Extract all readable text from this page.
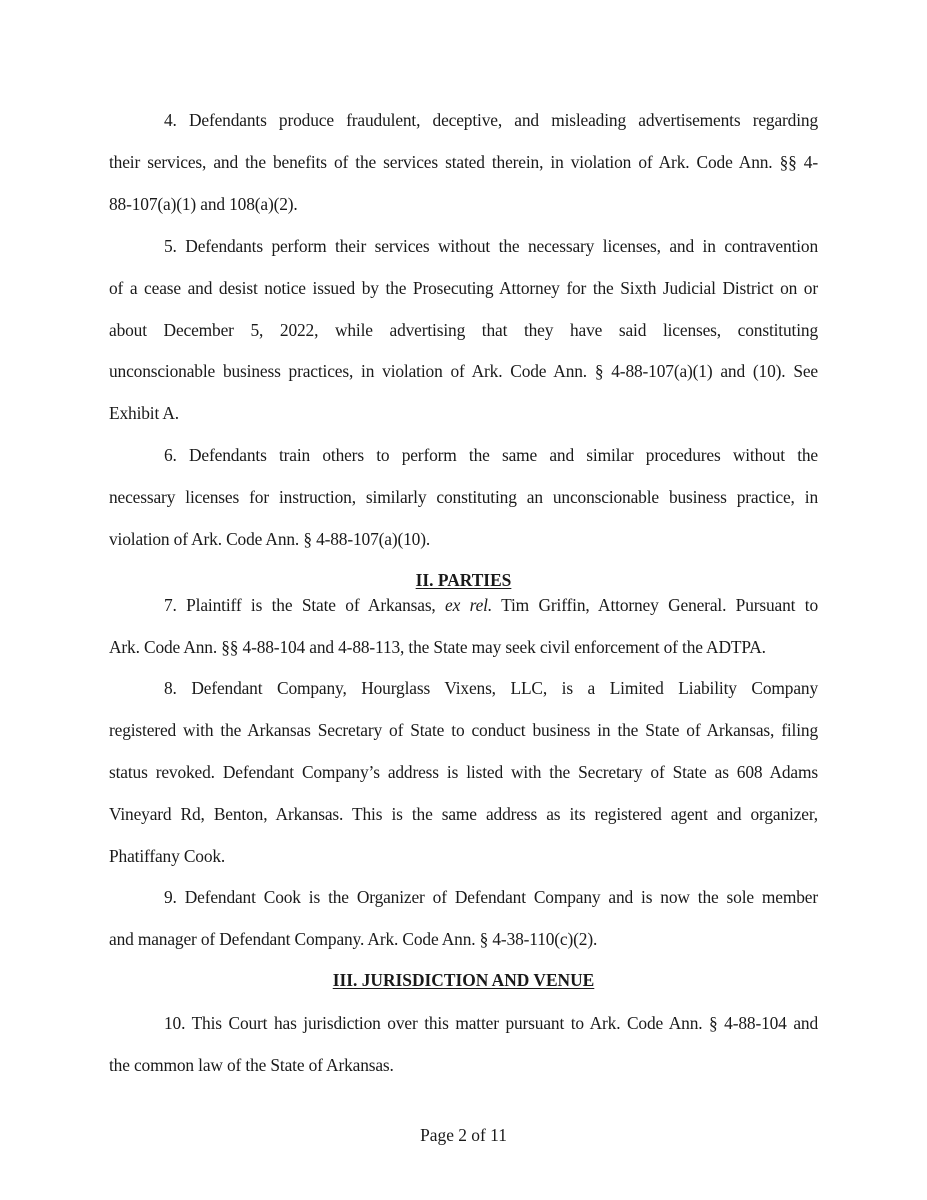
4. Defendants produce fraudulent, deceptive, and misleading advertisements regarding
their services, and the benefits of the services stated therein, in violation of Ark. Code Ann. §§ 4-
88-107(a)(1) and 108(a)(2).
5. Defendants perform their services without the necessary licenses, and in contravention
of a cease and desist notice issued by the Prosecuting Attorney for the Sixth Judicial District on or
about December 5, 2022, while advertising that they have said licenses, constituting
unconscionable business practices, in violation of Ark. Code Ann. § 4-88-107(a)(1) and (10). See
Exhibit A.
6. Defendants train others to perform the same and similar procedures without the
necessary licenses for instruction, similarly constituting an unconscionable business practice, in
violation of Ark. Code Ann. § 4-88-107(a)(10).
II. PARTIES
7. Plaintiff is the State of Arkansas, ex rel. Tim Griffin, Attorney General. Pursuant to
Ark. Code Ann. §§ 4-88-104 and 4-88-113, the State may seek civil enforcement of the ADTPA.
8. Defendant Company, Hourglass Vixens, LLC, is a Limited Liability Company
registered with the Arkansas Secretary of State to conduct business in the State of Arkansas, filing
status revoked. Defendant Company’s address is listed with the Secretary of State as 608 Adams
Vineyard Rd, Benton, Arkansas. This is the same address as its registered agent and organizer,
Phatiffany Cook.
9. Defendant Cook is the Organizer of Defendant Company and is now the sole member
and manager of Defendant Company. Ark. Code Ann. § 4-38-110(c)(2).
III. JURISDICTION AND VENUE
10. This Court has jurisdiction over this matter pursuant to Ark. Code Ann. § 4-88-104 and
the common law of the State of Arkansas.
Page 2 of 11
